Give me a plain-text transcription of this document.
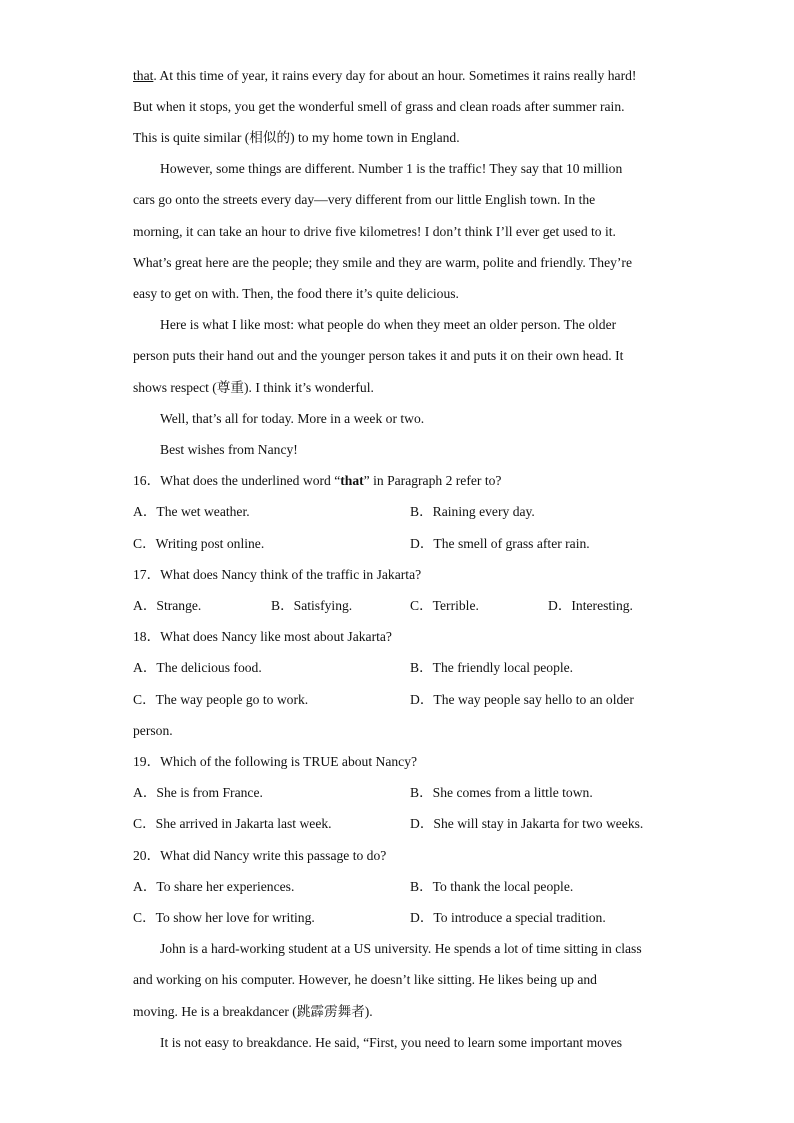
that. At this time of year, it rains every day for about an hour. Sometimes it rains really hard!
But when it stops, you get the wonderful smell of grass and clean roads after summer rain.
This is quite similar (相似的) to my home town in England.
However, some things are different. Number 1 is the traffic! They say that 10 million
cars go onto the streets every day—very different from our little English town. In the
morning, it can take an hour to drive five kilometres! I don’t think I’ll ever get used to it.
What’s great here are the people; they smile and they are warm, polite and friendly. They’re
easy to get on with. Then, the food there it’s quite delicious.
Here is what I like most: what people do when they meet an older person. The older
person puts their hand out and the younger person takes it and puts it on their own head. It
shows respect (尊重). I think it’s wonderful.
Well, that’s all for today. More in a week or two.
Best wishes from Nancy!
16．What does the underlined word “that” in Paragraph 2 refer to?
A．The wet weather.	B．Raining every day.
C．Writing post online.	D．The smell of grass after rain.
17．What does Nancy think of the traffic in Jakarta?
A．Strange.	B．Satisfying.	C．Terrible.	D．Interesting.
18．What does Nancy like most about Jakarta?
A．The delicious food.	B．The friendly local people.
C．The way people go to work.	D．The way people say hello to an older
person.
19．Which of the following is TRUE about Nancy?
A．She is from France.	B．She comes from a little town.
C．She arrived in Jakarta last week.	D．She will stay in Jakarta for two weeks.
20．What did Nancy write this passage to do?
A．To share her experiences.	B．To thank the local people.
C．To show her love for writing.	D．To introduce a special tradition.
John is a hard-working student at a US university. He spends a lot of time sitting in class
and working on his computer. However, he doesn’t like sitting. He likes being up and
moving. He is a breakdancer (跳霹雳舞者).
It is not easy to breakdance. He said, “First, you need to learn some important moves
